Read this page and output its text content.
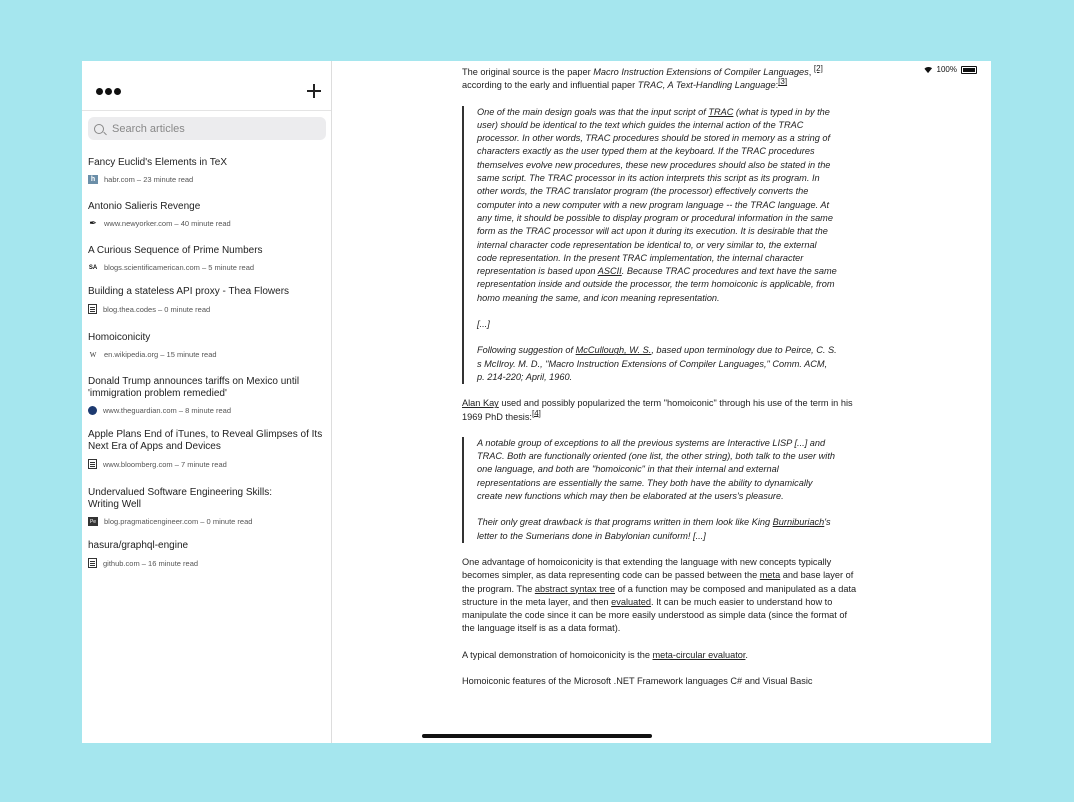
100%
Search articles
Fancy Euclid's Elements in TeX
h	habr.com – 23 minute read
Antonio Salieris Revenge
✒ www.newyorker.com – 40 minute read
A Curious Sequence of Prime Numbers
SA blogs.scientificamerican.com – 5 minute read
Building a stateless API proxy - Thea Flowers
blog.thea.codes – 0 minute read
Homoiconicity
W en.wikipedia.org – 15 minute read
Donald Trump announces tariffs on Mexico until 'immigration problem remedied'
www.theguardian.com – 8 minute read
Apple Plans End of iTunes, to Reveal Glimpses of Its Next Era of Apps and Devices
www.bloomberg.com – 7 minute read
Undervalued Software Engineering Skills: Writing Well
Pe blog.pragmaticengineer.com – 0 minute read
hasura/graphql-engine
github.com – 16 minute read

The original source is the paper Macro Instruction Extensions of Compiler Languages, [2] according to the early and influential paper TRAC, A Text-Handling Language:[3]

One of the main design goals was that the input script of TRAC (what is typed in by the user) should be identical to the text which guides the internal action of the TRAC processor. In other words, TRAC procedures should be stored in memory as a string of characters exactly as the user typed them at the keyboard. If the TRAC procedures themselves evolve new procedures, these new procedures should also be stated in the same script. The TRAC processor in its action interprets this script as its program. In other words, the TRAC translator program (the processor) effectively converts the computer into a new computer with a new program language -- the TRAC language. At any time, it should be possible to display program or procedural information in the same form as the TRAC processor will act upon it during its execution. It is desirable that the internal character code representation be identical to, or very similar to, the external code representation. In the present TRAC implementation, the internal character representation is based upon ASCII. Because TRAC procedures and text have the same representation inside and outside the processor, the term homoiconic is applicable, from homo meaning the same, and icon meaning representation.

[...]

Following suggestion of McCullough, W. S., based upon terminology due to Peirce, C. S. s McIlroy. M. D., "Macro Instruction Extensions of Compiler Languages," Comm. ACM, p. 214-220; April, 1960.

Alan Kay used and possibly popularized the term "homoiconic" through his use of the term in his 1969 PhD thesis:[4]

A notable group of exceptions to all the previous systems are Interactive LISP [...] and TRAC. Both are functionally oriented (one list, the other string), both talk to the user with one language, and both are "homoiconic" in that their internal and external representations are essentially the same. They both have the ability to dynamically create new functions which may then be elaborated at the users's pleasure.

Their only great drawback is that programs written in them look like King Burniburiach's letter to the Sumerians done in Babylonian cuniform! [...]

One advantage of homoiconicity is that extending the language with new concepts typically becomes simpler, as data representing code can be passed between the meta and base layer of the program. The abstract syntax tree of a function may be composed and manipulated as a data structure in the meta layer, and then evaluated. It can be much easier to understand how to manipulate the code since it can be more easily understood as simple data (since the format of the language itself is as a data format).

A typical demonstration of homoiconicity is the meta-circular evaluator.

Homoiconic features of the Microsoft .NET Framework languages C# and Visual Basic
